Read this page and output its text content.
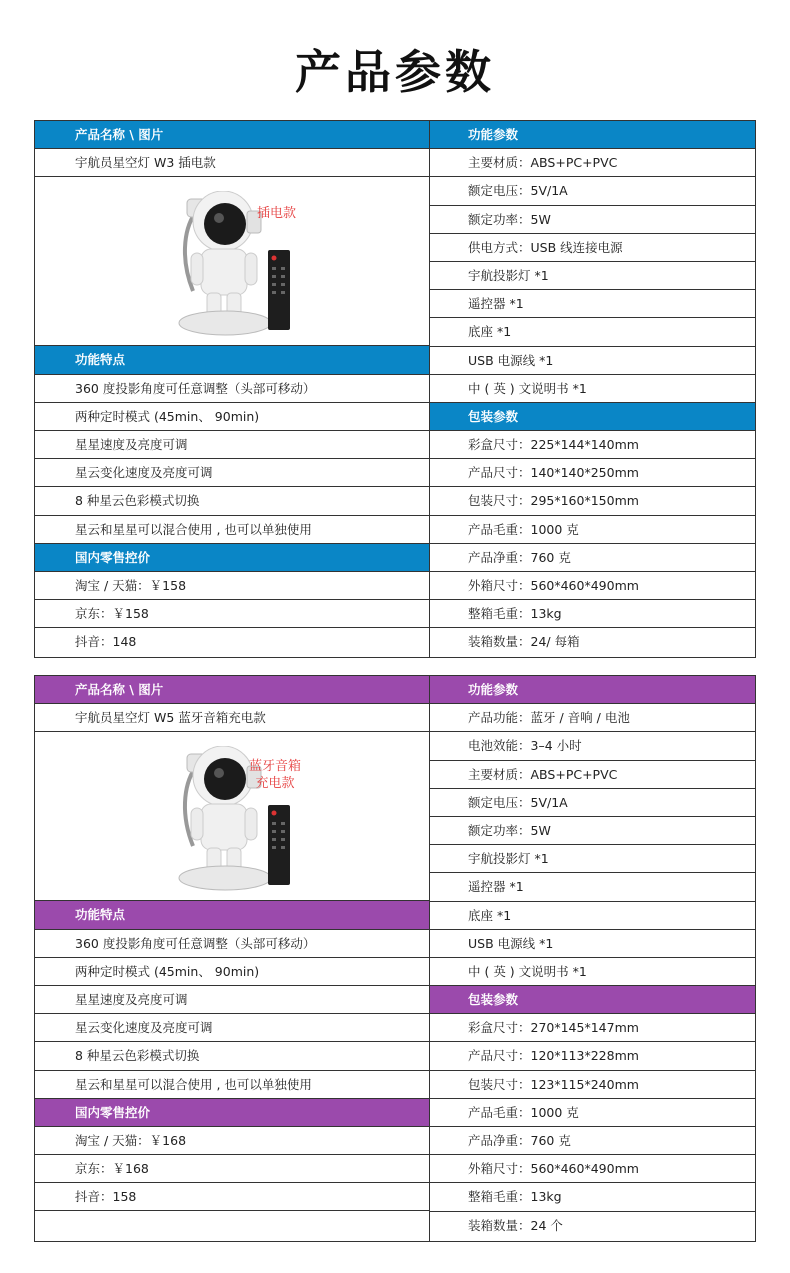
产品参数
产品名称 \ 图片
宇航员星空灯 W3 插电款
插电款
功能特点
360 度投影角度可任意调整（头部可移动）
两种定时模式 (45min、 90min)
星星速度及亮度可调
星云变化速度及亮度可调
8 种星云色彩模式切换
星云和星星可以混合使用 , 也可以单独使用
国内零售控价
淘宝 / 天猫：￥158
京东：￥158
抖音：148
功能参数
主要材质：ABS+PC+PVC
额定电压：5V/1A
额定功率：5W
供电方式：USB 线连接电源
宇航投影灯 *1
遥控器 *1
底座 *1
USB 电源线 *1
中 ( 英 ) 文说明书 *1
包装参数
彩盒尺寸：225*144*140mm
产品尺寸：140*140*250mm
包装尺寸：295*160*150mm
产品毛重：1000 克
产品净重：760 克
外箱尺寸：560*460*490mm
整箱毛重：13kg
装箱数量：24/ 每箱
产品名称 \ 图片
宇航员星空灯 W5 蓝牙音箱充电款
蓝牙音箱
充电款
功能特点
360 度投影角度可任意调整（头部可移动）
两种定时模式 (45min、 90min)
星星速度及亮度可调
星云变化速度及亮度可调
8 种星云色彩模式切换
星云和星星可以混合使用 , 也可以单独使用
国内零售控价
淘宝 / 天猫：￥168
京东：￥168
抖音：158
功能参数
产品功能：蓝牙 / 音响 / 电池
电池效能：3–4 小时
主要材质：ABS+PC+PVC
额定电压：5V/1A
额定功率：5W
宇航投影灯 *1
遥控器 *1
底座 *1
USB 电源线 *1
中 ( 英 ) 文说明书 *1
包装参数
彩盒尺寸：270*145*147mm
产品尺寸：120*113*228mm
包装尺寸：123*115*240mm
产品毛重：1000 克
产品净重：760 克
外箱尺寸：560*460*490mm
整箱毛重：13kg
装箱数量：24 个
